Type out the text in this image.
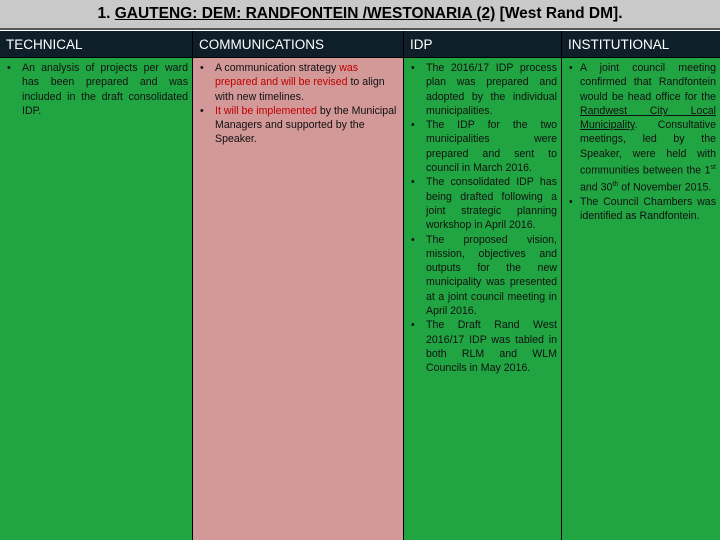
1. GAUTENG: DEM: RANDFONTEIN /WESTONARIA (2) [West Rand DM].
TECHNICAL
• An analysis of projects per ward has been prepared and was included in the draft consolidated IDP.
COMMUNICATIONS
• A communication strategy was prepared and will be revised to align with new timelines.
• It will be implemented by the Municipal Managers and supported by the Speaker.
IDP
• The 2016/17 IDP process plan was prepared and adopted by the individual municipalities.
• The IDP for the two municipalities were prepared and sent to council in March 2016.
• The consolidated IDP has being drafted following a joint strategic planning workshop in April 2016.
• The proposed vision, mission, objectives and outputs for the new municipality was presented at a joint council meeting in April 2016.
• The Draft Rand West 2016/17 IDP was tabled in both RLM and WLM Councils in May 2016.
INSTITUTIONAL
• A joint council meeting confirmed that Randfontein would be head office for the Randwest City Local Municipality. Consultative meetings, led by the Speaker, were held with communities between the 1st and 30th of November 2015.
• The Council Chambers was identified as Randfontein.
